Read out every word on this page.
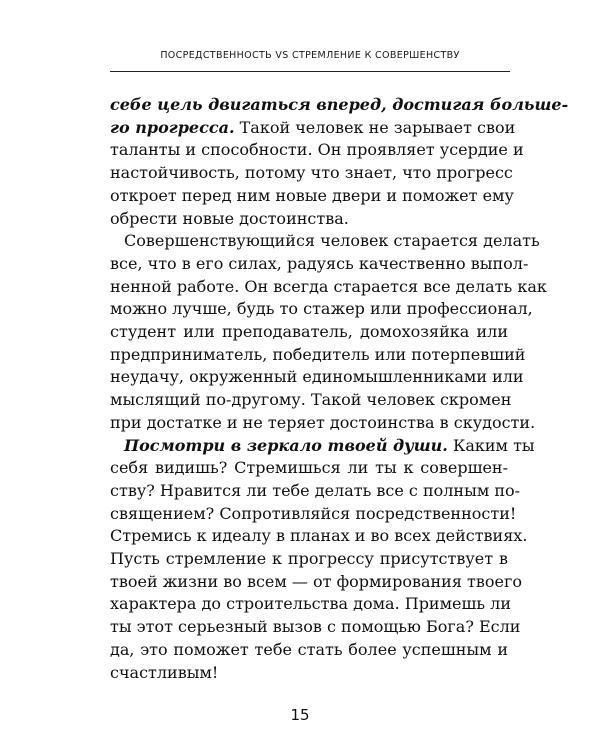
ПОСРЕДСТВЕННОСТЬ VS СТРЕМЛЕНИЕ К СОВЕРШЕНСТВУ
себе цель двигаться вперед, достигая большe-
го прогресса. Такой человек не зарывает свои
таланты и способности. Он проявляет усердие и
настойчивость, потому что знает, что прогресс
откроет перед ним новые двери и поможет ему
обрести новые достоинства.
Совершенствующийся человек старается делать
все, что в его силах, радуясь качественно выпол-
ненной работе. Он всегда старается все делать как
можно лучше, будь то стажер или профессионал,
студент или преподаватель, домохозяйка или
предприниматель, победитель или потерпевший
неудачу, окруженный единомышленниками или
мыслящий по-другому. Такой человек скромен
при достатке и не теряет достоинства в скудости.
Посмотри в зеркало твоей души. Каким ты
себя видишь? Стремишься ли ты к совершен-
ству? Нравится ли тебе делать все с полным по-
священием? Сопротивляйся посредственности!
Стремись к идеалу в планах и во всех действиях.
Пусть стремление к прогрессу присутствует в
твоей жизни во всем — от формирования твоего
характера до строительства дома. Примешь ли
ты этот серьезный вызов с помощью Бога? Если
да, это поможет тебе стать более успешным и
счастливым!
15
